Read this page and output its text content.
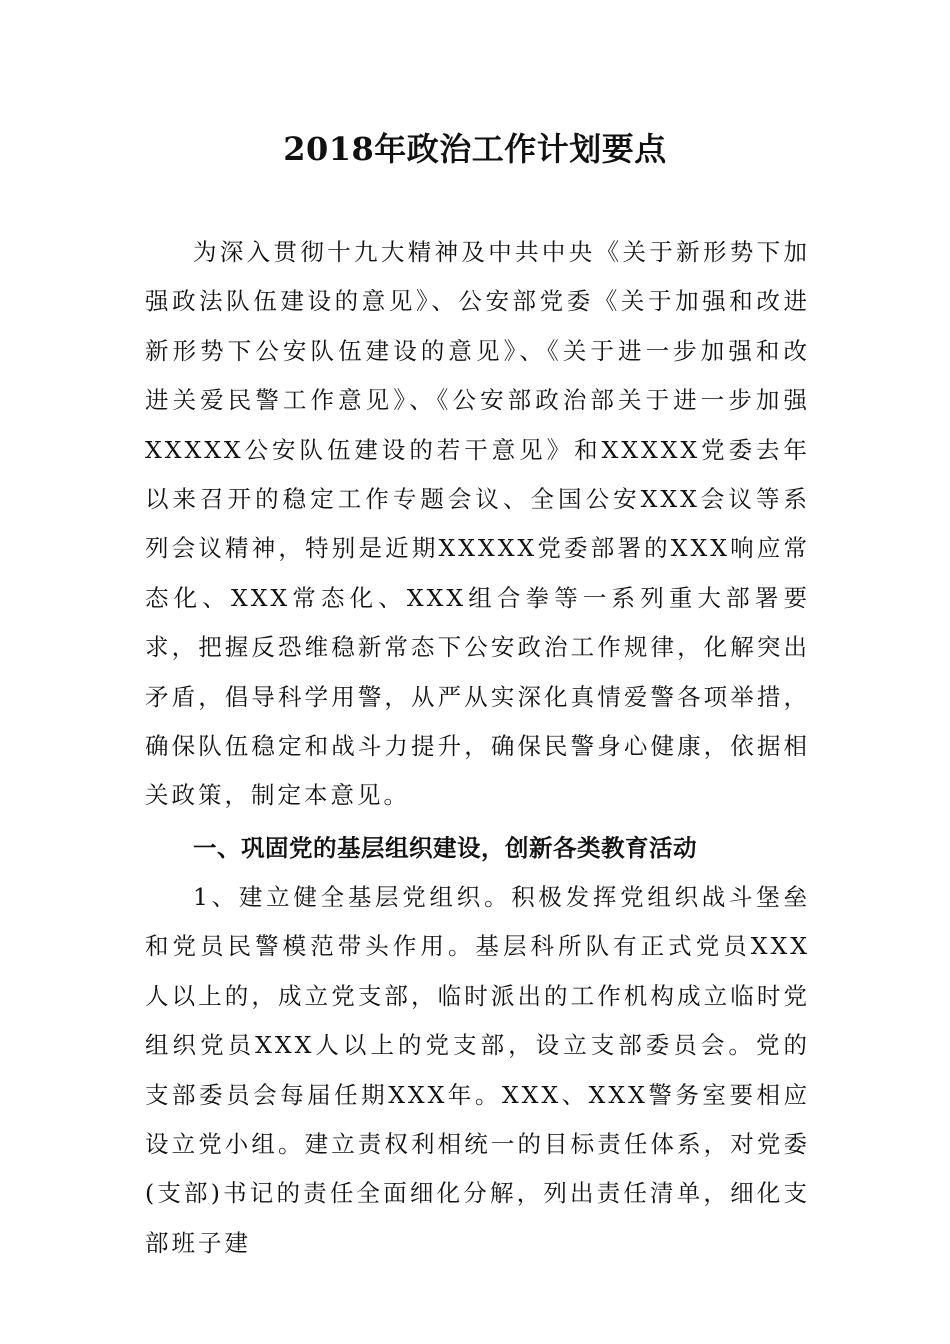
2018年政治工作计划要点
为深入贯彻十九大精神及中共中央《关于新形势下加强政法队伍建设的意见》、公安部党委《关于加强和改进新形势下公安队伍建设的意见》、《关于进一步加强和改进关爱民警工作意见》、《公安部政治部关于进一步加强XXXXX公安队伍建设的若干意见》和XXXXX党委去年以来召开的稳定工作专题会议、全国公安XXX会议等系列会议精神，特别是近期XXXXX党委部署的XXX响应常态化、XXX常态化、XXX组合拳等一系列重大部署要求，把握反恐维稳新常态下公安政治工作规律，化解突出矛盾，倡导科学用警，从严从实深化真情爱警各项举措，确保队伍稳定和战斗力提升，确保民警身心健康，依据相关政策，制定本意见。
一、巩固党的基层组织建设，创新各类教育活动
1、建立健全基层党组织。积极发挥党组织战斗堡垒和党员民警模范带头作用。基层科所队有正式党员XXX人以上的，成立党支部，临时派出的工作机构成立临时党组织党员XXX人以上的党支部，设立支部委员会。党的支部委员会每届任期XXX年。XXX、XXX警务室要相应设立党小组。建立责权利相统一的目标责任体系，对党委(支部)书记的责任全面细化分解，列出责任清单，细化支部班子建
